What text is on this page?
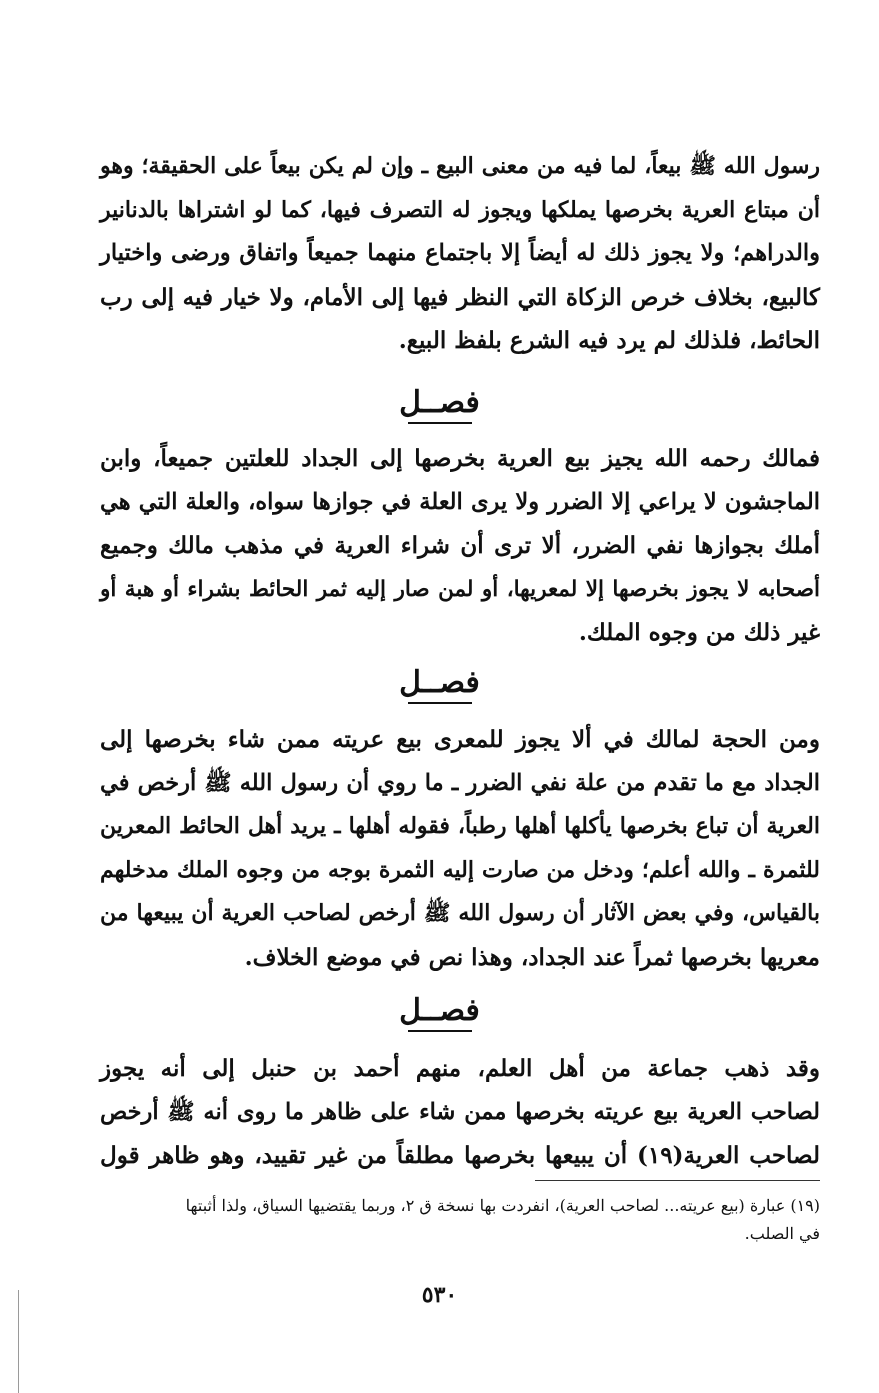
رسول الله ﷺ بيعاً، لما فيه من معنى البيع ـ وإن لم يكن بيعاً على الحقيقة؛ وهو
أن مبتاع العرية بخرصها يملكها ويجوز له التصرف فيها، كما لو اشتراها بالدنانير
والدراهم؛ ولا يجوز ذلك له أيضاً إلا باجتماع منهما جميعاً واتفاق ورضى واختيار
كالبيع، بخلاف خرص الزكاة التي النظر فيها إلى الأمام، ولا خيار فيه إلى رب
الحائط، فلذلك لم يرد فيه الشرع بلفظ البيع.
فصــل
فمالك رحمه الله يجيز بيع العرية بخرصها إلى الجداد للعلتين جميعاً، وابن
الماجشون لا يراعي إلا الضرر ولا يرى العلة في جوازها سواه، والعلة التي هي
أملك بجوازها نفي الضرر، ألا ترى أن شراء العرية في مذهب مالك وجميع
أصحابه لا يجوز بخرصها إلا لمعريها، أو لمن صار إليه ثمر الحائط بشراء أو هبة أو
غير ذلك من وجوه الملك.
فصــل
ومن الحجة لمالك في ألا يجوز للمعرى بيع عريته ممن شاء بخرصها إلى
الجداد مع ما تقدم من علة نفي الضرر ـ ما روي أن رسول الله ﷺ أرخص في
العرية أن تباع بخرصها يأكلها أهلها رطباً، فقوله أهلها ـ يريد أهل الحائط المعرين
للثمرة ـ والله أعلم؛ ودخل من صارت إليه الثمرة بوجه من وجوه الملك مدخلهم
بالقياس، وفي بعض الآثار أن رسول الله ﷺ أرخص لصاحب العرية أن يبيعها من
معريها بخرصها ثمراً عند الجداد، وهذا نص في موضع الخلاف.
فصــل
وقد ذهب جماعة من أهل العلم، منهم أحمد بن حنبل إلى أنه يجوز
لصاحب العرية بيع عريته بخرصها ممن شاء على ظاهر ما روى أنه ﷺ أرخص
لصاحب العرية(١٩) أن يبيعها بخرصها مطلقاً من غير تقييد، وهو ظاهر قول
(١٩) عبارة (بيع عريته... لصاحب العرية)، انفردت بها نسخة ق ٢، وربما يقتضيها السياق، ولذا أثبتها
في الصلب.
٥٣٠
